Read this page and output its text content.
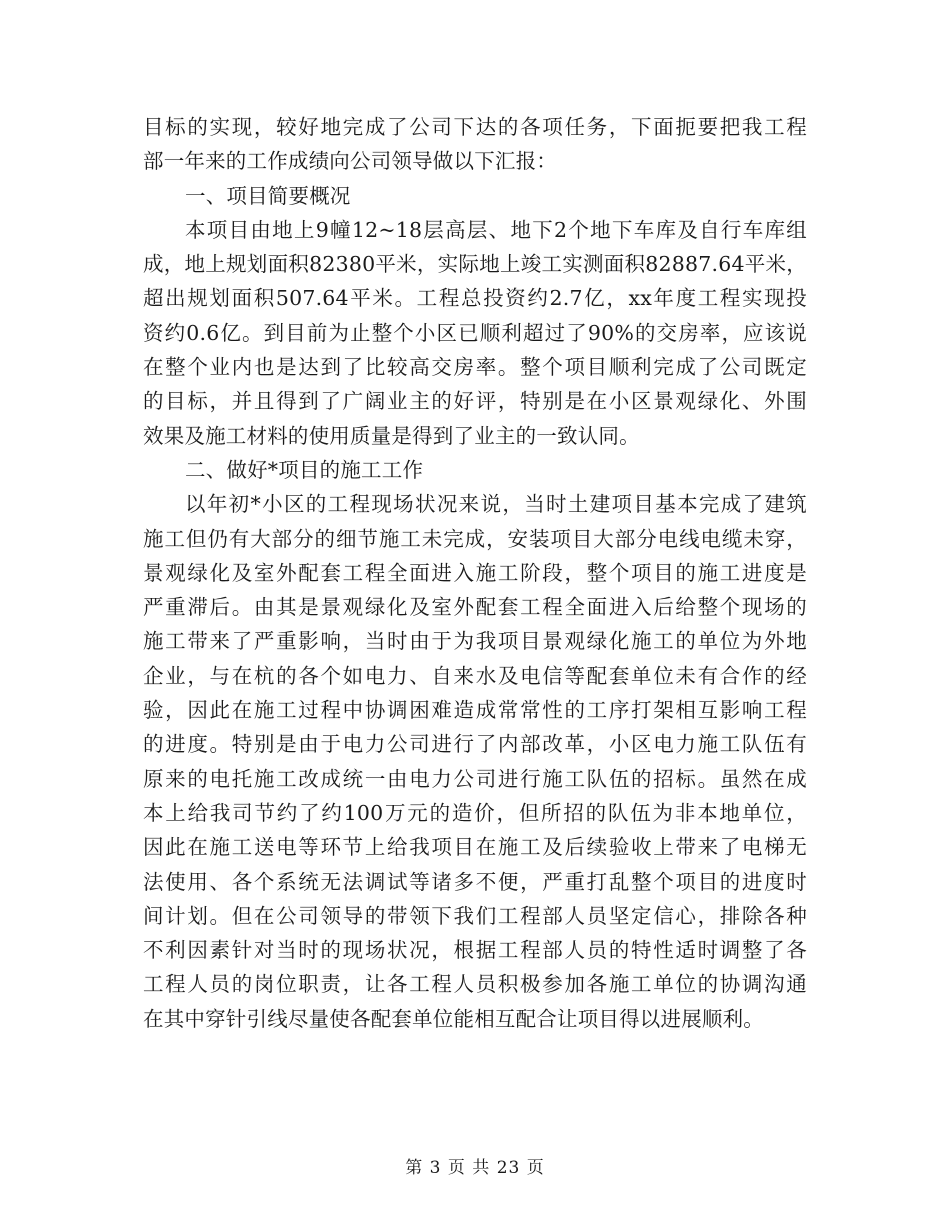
目标的实现，较好地完成了公司下达的各项任务，下面扼要把我工程
部一年来的工作成绩向公司领导做以下汇报：
一、项目简要概况
本项目由地上9幢12~18层高层、地下2个地下车库及自行车库组
成，地上规划面积82380平米，实际地上竣工实测面积82887.64平米，
超出规划面积507.64平米。工程总投资约2.7亿，xx年度工程实现投
资约0.6亿。到目前为止整个小区已顺利超过了90%的交房率，应该说
在整个业内也是达到了比较高交房率。整个项目顺利完成了公司既定
的目标，并且得到了广阔业主的好评，特别是在小区景观绿化、外围
效果及施工材料的使用质量是得到了业主的一致认同。
二、做好*项目的施工工作
以年初*小区的工程现场状况来说，当时土建项目基本完成了建筑
施工但仍有大部分的细节施工未完成，安装项目大部分电线电缆未穿，
景观绿化及室外配套工程全面进入施工阶段，整个项目的施工进度是
严重滞后。由其是景观绿化及室外配套工程全面进入后给整个现场的
施工带来了严重影响，当时由于为我项目景观绿化施工的单位为外地
企业，与在杭的各个如电力、自来水及电信等配套单位未有合作的经
验，因此在施工过程中协调困难造成常常性的工序打架相互影响工程
的进度。特别是由于电力公司进行了内部改革，小区电力施工队伍有
原来的电托施工改成统一由电力公司进行施工队伍的招标。虽然在成
本上给我司节约了约100万元的造价，但所招的队伍为非本地单位，
因此在施工送电等环节上给我项目在施工及后续验收上带来了电梯无
法使用、各个系统无法调试等诸多不便，严重打乱整个项目的进度时
间计划。但在公司领导的带领下我们工程部人员坚定信心，排除各种
不利因素针对当时的现场状况，根据工程部人员的特性适时调整了各
工程人员的岗位职责，让各工程人员积极参加各施工单位的协调沟通
在其中穿针引线尽量使各配套单位能相互配合让项目得以进展顺利。
第 3 页 共 23 页
